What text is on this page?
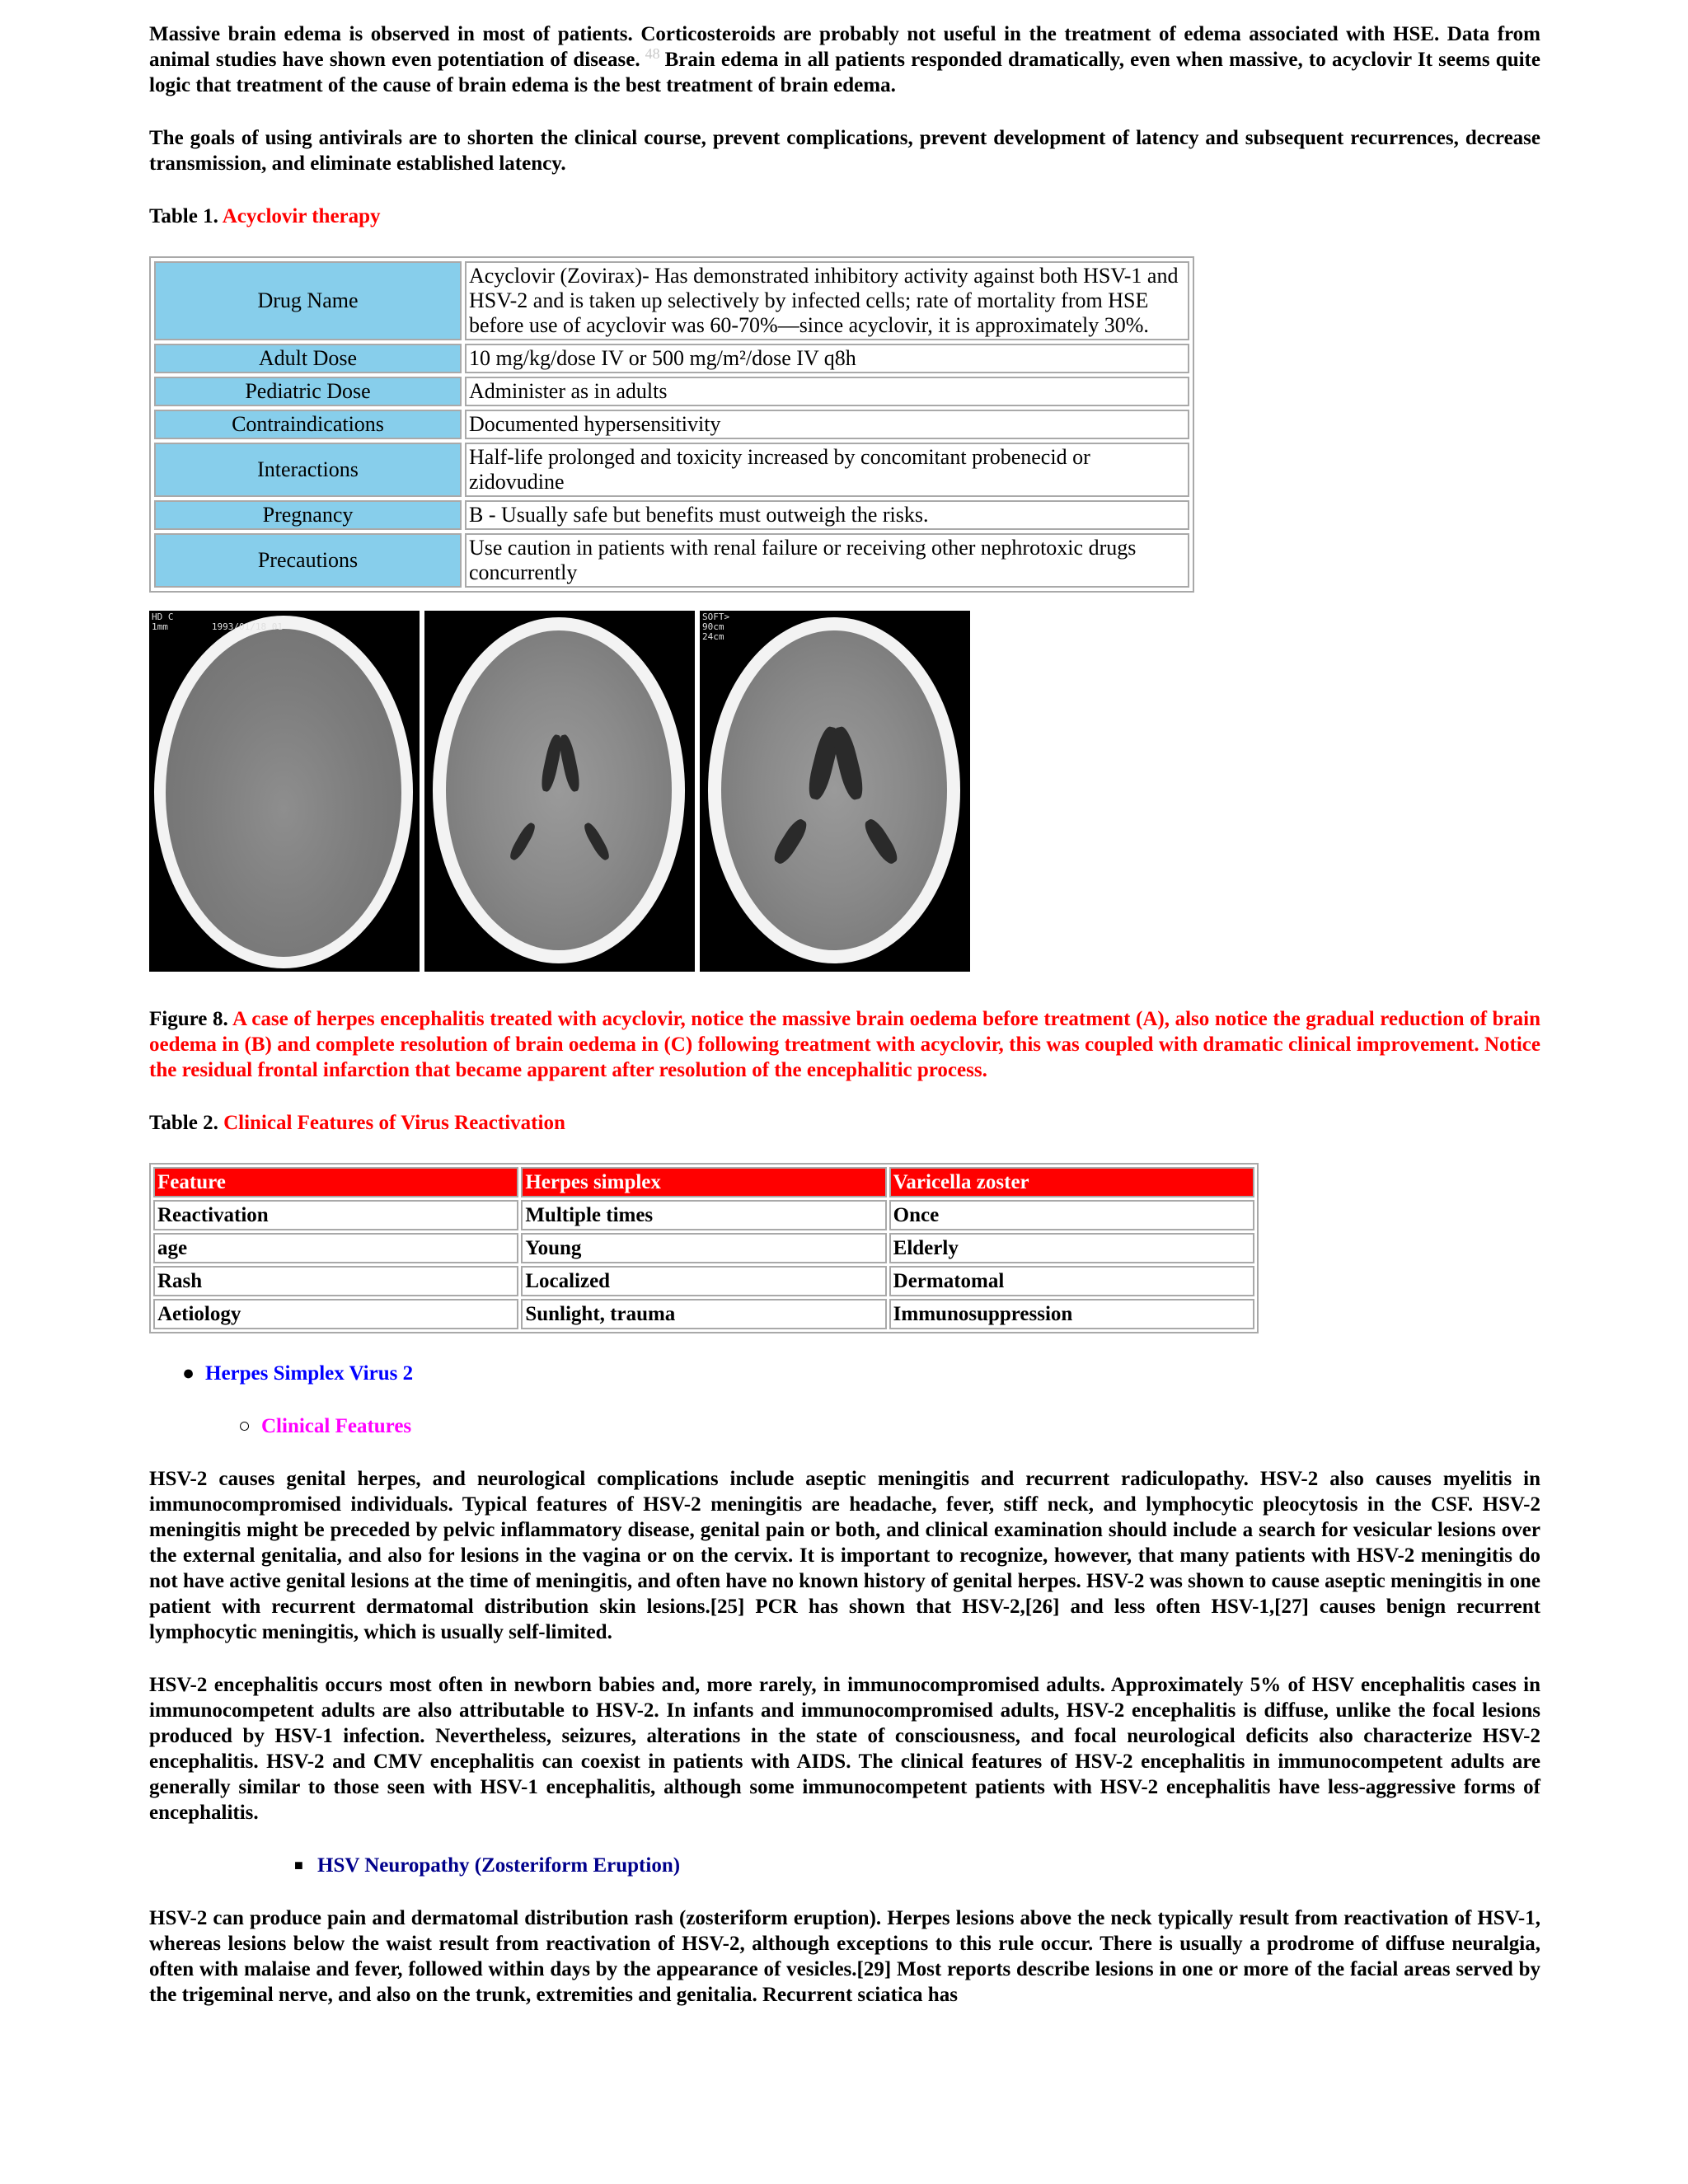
Massive brain edema is observed in most of patients. Corticosteroids are probably not useful in the treatment of edema associated with HSE. Data from animal studies have shown even potentiation of disease. $^{48}$ Brain edema in all patients responded dramatically, even when massive, to acyclovir It seems quite logic that treatment of the cause of brain edema is the best treatment of brain edema.

The goals of using antivirals are to shorten the clinical course, prevent complications, prevent development of latency and subsequent recurrences, decrease transmission, and eliminate established latency.

Table 1. Acyclovir therapy
Drug Name	Acyclovir (Zovirax)- Has demonstrated inhibitory activity against both HSV-1 and HSV-2 and is taken up selectively by infected cells; rate of mortality from HSE before use of acyclovir was 60-70%—since acyclovir, it is approximately 30%.
Adult Dose	10 mg/kg/dose IV or 500 mg/m²/dose IV q8h
Pediatric Dose	Administer as in adults
Contraindications	Documented hypersensitivity
Interactions	Half-life prolonged and toxicity increased by concomitant probenecid or zidovudine
Pregnancy	B - Usually safe but benefits must outweigh the risks.
Precautions	Use caution in patients with renal failure or receiving other nephrotoxic drugs concurrently
HD C
1mm        1993/01/18 01
SOFT>
90cm
24cm

Figure 8. A case of herpes encephalitis treated with acyclovir, notice the massive brain oedema before treatment (A), also notice the gradual reduction of brain oedema in (B) and complete resolution of brain oedema in (C) following treatment with acyclovir, this was coupled with dramatic clinical improvement. Notice the residual frontal infarction that became apparent after resolution of the encephalitic process.

Table 2. Clinical Features of Virus Reactivation
Feature	Herpes simplex	Varicella zoster
Reactivation	Multiple times	Once
age	Young	Elderly
Rash	Localized	Dermatomal
Aetiology	Sunlight, trauma	Immunosuppression
● Herpes Simplex Virus 2
○ Clinical Features

HSV-2 causes genital herpes, and neurological complications include aseptic meningitis and recurrent radiculopathy. HSV-2 also causes myelitis in immunocompromised individuals. Typical features of HSV-2 meningitis are headache, fever, stiff neck, and lymphocytic pleocytosis in the CSF. HSV-2 meningitis might be preceded by pelvic inflammatory disease, genital pain or both, and clinical examination should include a search for vesicular lesions over the external genitalia, and also for lesions in the vagina or on the cervix. It is important to recognize, however, that many patients with HSV-2 meningitis do not have active genital lesions at the time of meningitis, and often have no known history of genital herpes. HSV-2 was shown to cause aseptic meningitis in one patient with recurrent dermatomal distribution skin lesions.[25] PCR has shown that HSV-2,[26] and less often HSV-1,[27] causes benign recurrent lymphocytic meningitis, which is usually self-limited.

HSV-2 encephalitis occurs most often in newborn babies and, more rarely, in immunocompromised adults. Approximately 5% of HSV encephalitis cases in immunocompetent adults are also attributable to HSV-2. In infants and immunocompromised adults, HSV-2 encephalitis is diffuse, unlike the focal lesions produced by HSV-1 infection. Nevertheless, seizures, alterations in the state of consciousness, and focal neurological deficits also characterize HSV-2 encephalitis. HSV-2 and CMV encephalitis can coexist in patients with AIDS. The clinical features of HSV-2 encephalitis in immunocompetent adults are generally similar to those seen with HSV-1 encephalitis, although some immunocompetent patients with HSV-2 encephalitis have less-aggressive forms of encephalitis.

■ HSV Neuropathy (Zosteriform Eruption)

HSV-2 can produce pain and dermatomal distribution rash (zosteriform eruption). Herpes lesions above the neck typically result from reactivation of HSV-1, whereas lesions below the waist result from reactivation of HSV-2, although exceptions to this rule occur. There is usually a prodrome of diffuse neuralgia, often with malaise and fever, followed within days by the appearance of vesicles.[29] Most reports describe lesions in one or more of the facial areas served by the trigeminal nerve, and also on the trunk, extremities and genitalia. Recurrent sciatica has
